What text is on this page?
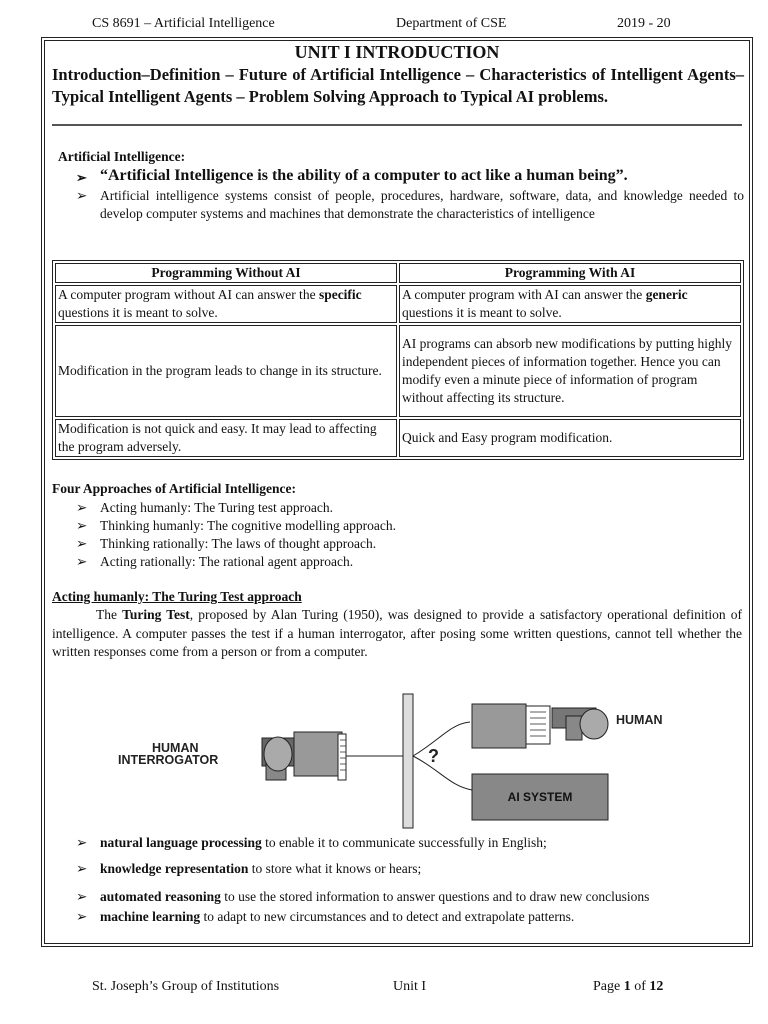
CS 8691 – Artificial Intelligence	Department of CSE	2019 - 20
UNIT I INTRODUCTION
Introduction–Definition – Future of Artificial Intelligence – Characteristics of Intelligent Agents–Typical Intelligent Agents – Problem Solving Approach to Typical AI problems.
Artificial Intelligence:
➢ “Artificial Intelligence is the ability of a computer to act like a human being”.
➢ Artificial intelligence systems consist of people, procedures, hardware, software, data, and knowledge needed to develop computer systems and machines that demonstrate the characteristics of intelligence
Programming Without AI	Programming With AI
A computer program without AI can answer the specific questions it is meant to solve.	A computer program with AI can answer the generic questions it is meant to solve.
Modification in the program leads to change in its structure.	AI programs can absorb new modifications by putting highly independent pieces of information together. Hence you can modify even a minute piece of information of program without affecting its structure.
Modification is not quick and easy. It may lead to affecting the program adversely.	Quick and Easy program modification.
Four Approaches of Artificial Intelligence:
➢ Acting humanly: The Turing test approach.
➢ Thinking humanly: The cognitive modelling approach.
➢ Thinking rationally: The laws of thought approach.
➢ Acting rationally: The rational agent approach.
Acting humanly: The Turing Test approach
The Turing Test, proposed by Alan Turing (1950), was designed to provide a satisfactory operational definition of intelligence. A computer passes the test if a human interrogator, after posing some written questions, cannot tell whether the written responses come from a person or from a computer.
HUMAN
INTERROGATOR
HUMAN
?
AI SYSTEM
➢ natural language processing to enable it to communicate successfully in English;
➢ knowledge representation to store what it knows or hears;
➢ automated reasoning to use the stored information to answer questions and to draw new conclusions
➢ machine learning to adapt to new circumstances and to detect and extrapolate patterns.
St. Joseph’s Group of Institutions	Unit I	Page 1 of 12
